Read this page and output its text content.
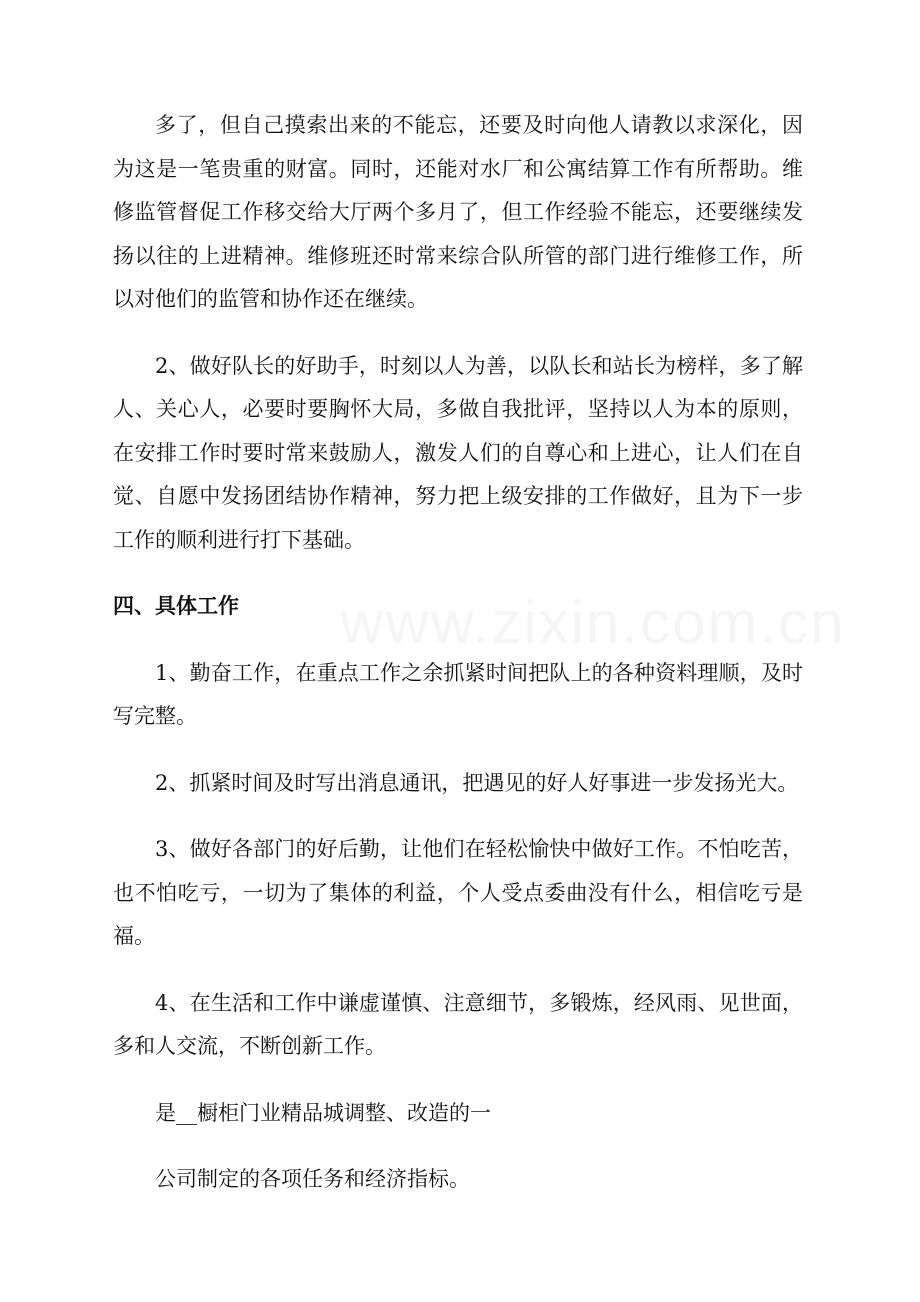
www.zixin.com.cn

多了，但自己摸索出来的不能忘，还要及时向他人请教以求深化，因为这是一笔贵重的财富。同时，还能对水厂和公寓结算工作有所帮助。维修监管督促工作移交给大厅两个多月了，但工作经验不能忘，还要继续发扬以往的上进精神。维修班还时常来综合队所管的部门进行维修工作，所以对他们的监管和协作还在继续。

2、做好队长的好助手，时刻以人为善，以队长和站长为榜样，多了解人、关心人，必要时要胸怀大局，多做自我批评，坚持以人为本的原则，在安排工作时要时常来鼓励人，激发人们的自尊心和上进心，让人们在自觉、自愿中发扬团结协作精神，努力把上级安排的工作做好，且为下一步工作的顺利进行打下基础。

四、具体工作

1、勤奋工作，在重点工作之余抓紧时间把队上的各种资料理顺，及时写完整。

2、抓紧时间及时写出消息通讯，把遇见的好人好事进一步发扬光大。

3、做好各部门的好后勤，让他们在轻松愉快中做好工作。不怕吃苦，也不怕吃亏，一切为了集体的利益，个人受点委曲没有什么，相信吃亏是福。

4、在生活和工作中谦虚谨慎、注意细节，多锻炼，经风雨、见世面，多和人交流，不断创新工作。

是__橱柜门业精品城调整、改造的一

公司制定的各项任务和经济指标。
